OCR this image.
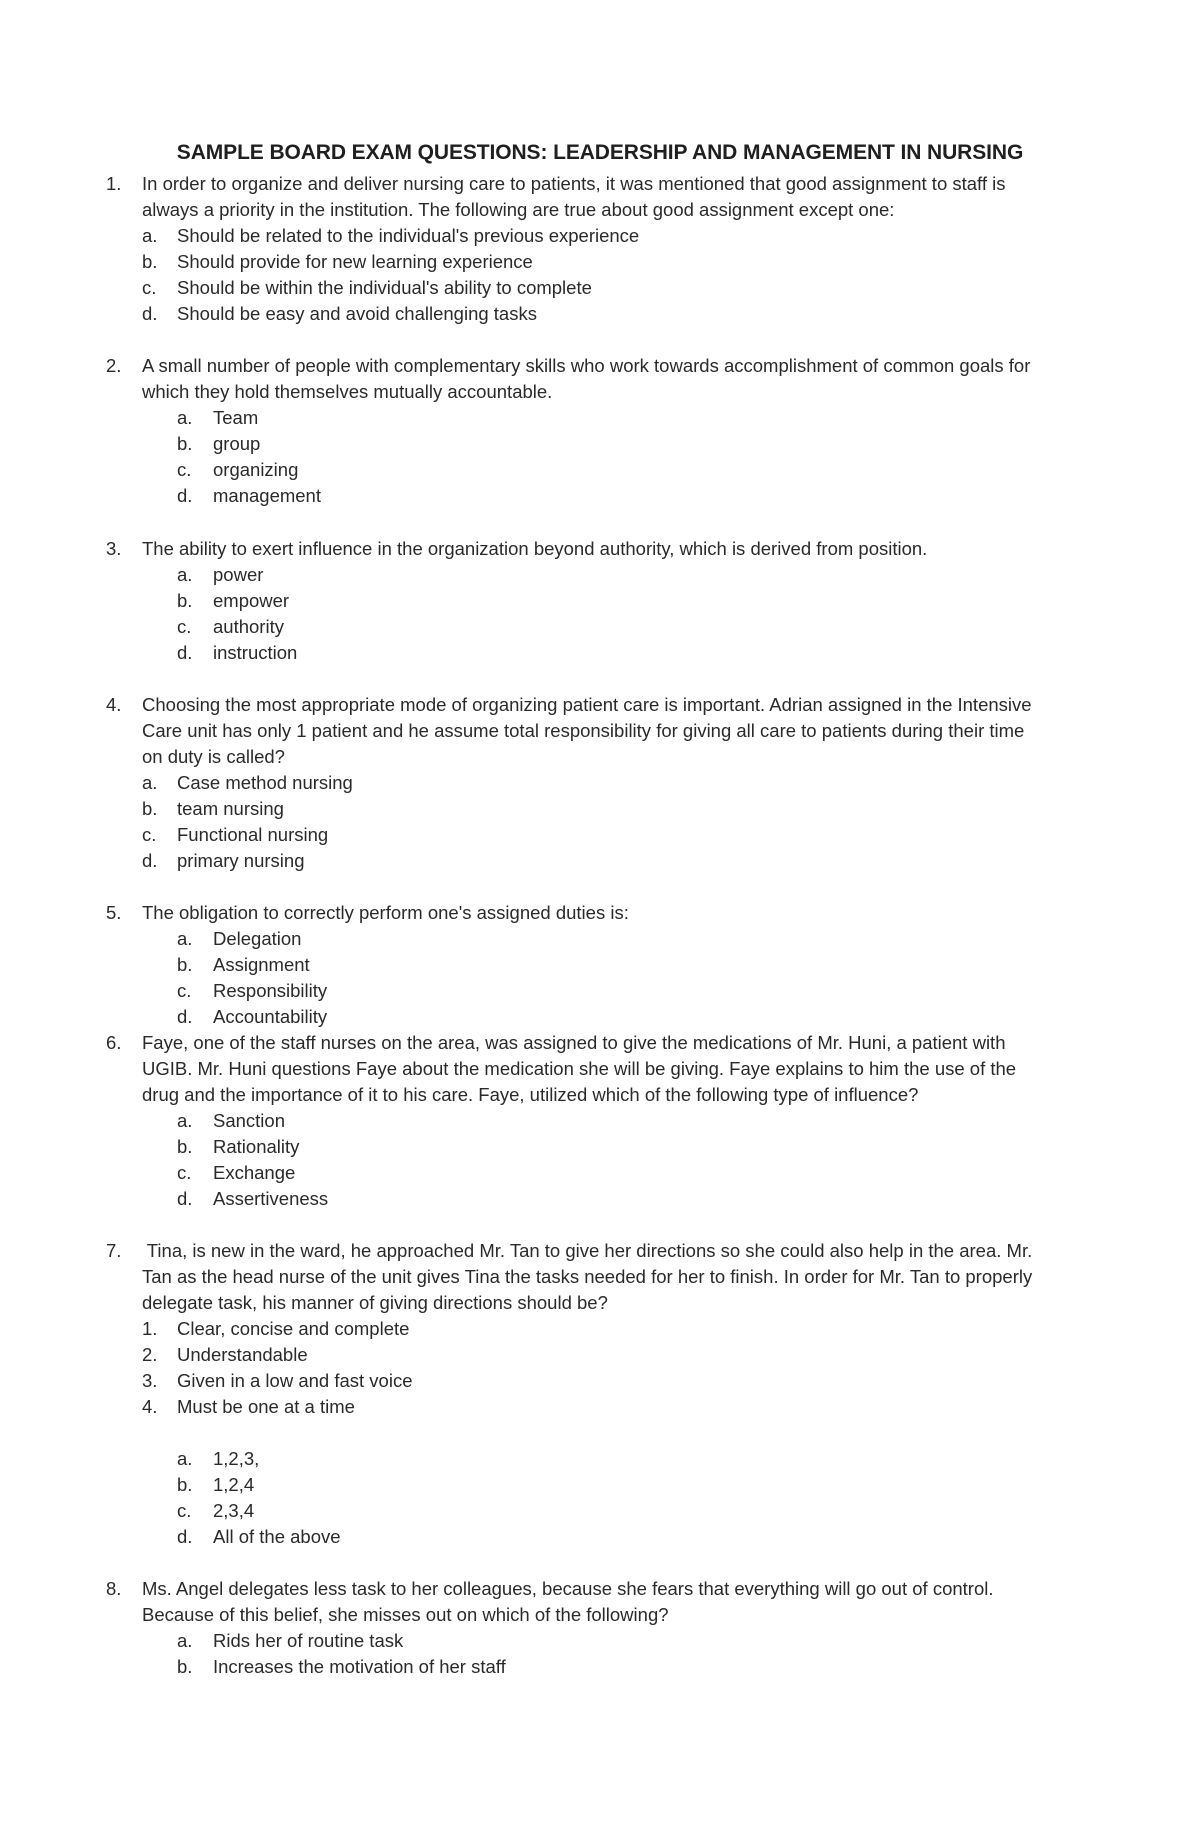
SAMPLE BOARD EXAM QUESTIONS: LEADERSHIP AND MANAGEMENT IN NURSING
1. In order to organize and deliver nursing care to patients, it was mentioned that good assignment to staff is
always a priority in the institution. The following are true about good assignment except one:
a. Should be related to the individual's previous experience
b. Should provide for new learning experience
c. Should be within the individual's ability to complete
d. Should be easy and avoid challenging tasks
2. A small number of people with complementary skills who work towards accomplishment of common goals for
which they hold themselves mutually accountable.
a. Team
b. group
c. organizing
d. management
3. The ability to exert influence in the organization beyond authority, which is derived from position.
a. power
b. empower
c. authority
d. instruction
4. Choosing the most appropriate mode of organizing patient care is important. Adrian assigned in the Intensive
Care unit has only 1 patient and he assume total responsibility for giving all care to patients during their time
on duty is called?
a. Case method nursing
b. team nursing
c. Functional nursing
d. primary nursing
5. The obligation to correctly perform one's assigned duties is:
a. Delegation
b. Assignment
c. Responsibility
d. Accountability
6. Faye, one of the staff nurses on the area, was assigned to give the medications of Mr. Huni, a patient with
UGIB. Mr. Huni questions Faye about the medication she will be giving. Faye explains to him the use of the
drug and the importance of it to his care. Faye, utilized which of the following type of influence?
a. Sanction
b. Rationality
c. Exchange
d. Assertiveness
7. Tina, is new in the ward, he approached Mr. Tan to give her directions so she could also help in the area. Mr.
Tan as the head nurse of the unit gives Tina the tasks needed for her to finish. In order for Mr. Tan to properly
delegate task, his manner of giving directions should be?
1. Clear, concise and complete
2. Understandable
3. Given in a low and fast voice
4. Must be one at a time
a. 1,2,3,
b. 1,2,4
c. 2,3,4
d. All of the above
8. Ms. Angel delegates less task to her colleagues, because she fears that everything will go out of control.
Because of this belief, she misses out on which of the following?
a. Rids her of routine task
b. Increases the motivation of her staff
